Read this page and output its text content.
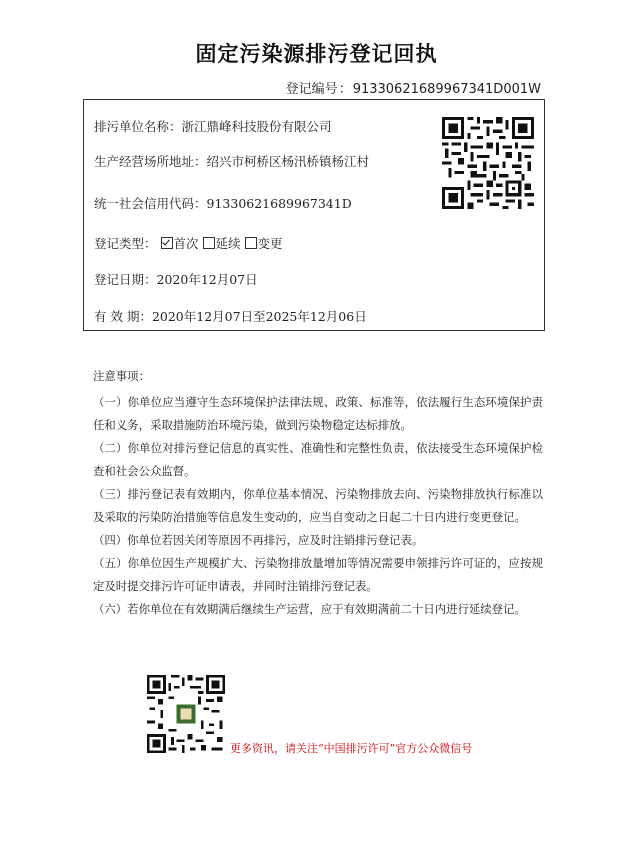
固定污染源排污登记回执
登记编号：91330621689967341D001W
排污单位名称：浙江鼎峰科技股份有限公司
生产经营场所地址：绍兴市柯桥区杨汛桥镇杨江村
统一社会信用代码：91330621689967341D
登记类型： 首次 延续 变更
登记日期：2020年12月07日
有 效 期：2020年12月07日至2025年12月06日
注意事项：

（一）你单位应当遵守生态环境保护法律法规、政策、标准等，依法履行生态环境保护责任和义务，采取措施防治环境污染，做到污染物稳定达标排放。

（二）你单位对排污登记信息的真实性、准确性和完整性负责，依法接受生态环境保护检查和社会公众监督。

（三）排污登记表有效期内，你单位基本情况、污染物排放去向、污染物排放执行标准以及采取的污染防治措施等信息发生变动的，应当自变动之日起二十日内进行变更登记。

（四）你单位若因关闭等原因不再排污，应及时注销排污登记表。

（五）你单位因生产规模扩大、污染物排放量增加等情况需要申领排污许可证的，应按规定及时提交排污许可证申请表，并同时注销排污登记表。

（六）若你单位在有效期满后继续生产运营，应于有效期满前二十日内进行延续登记。

更多资讯，请关注“中国排污许可”官方公众微信号
